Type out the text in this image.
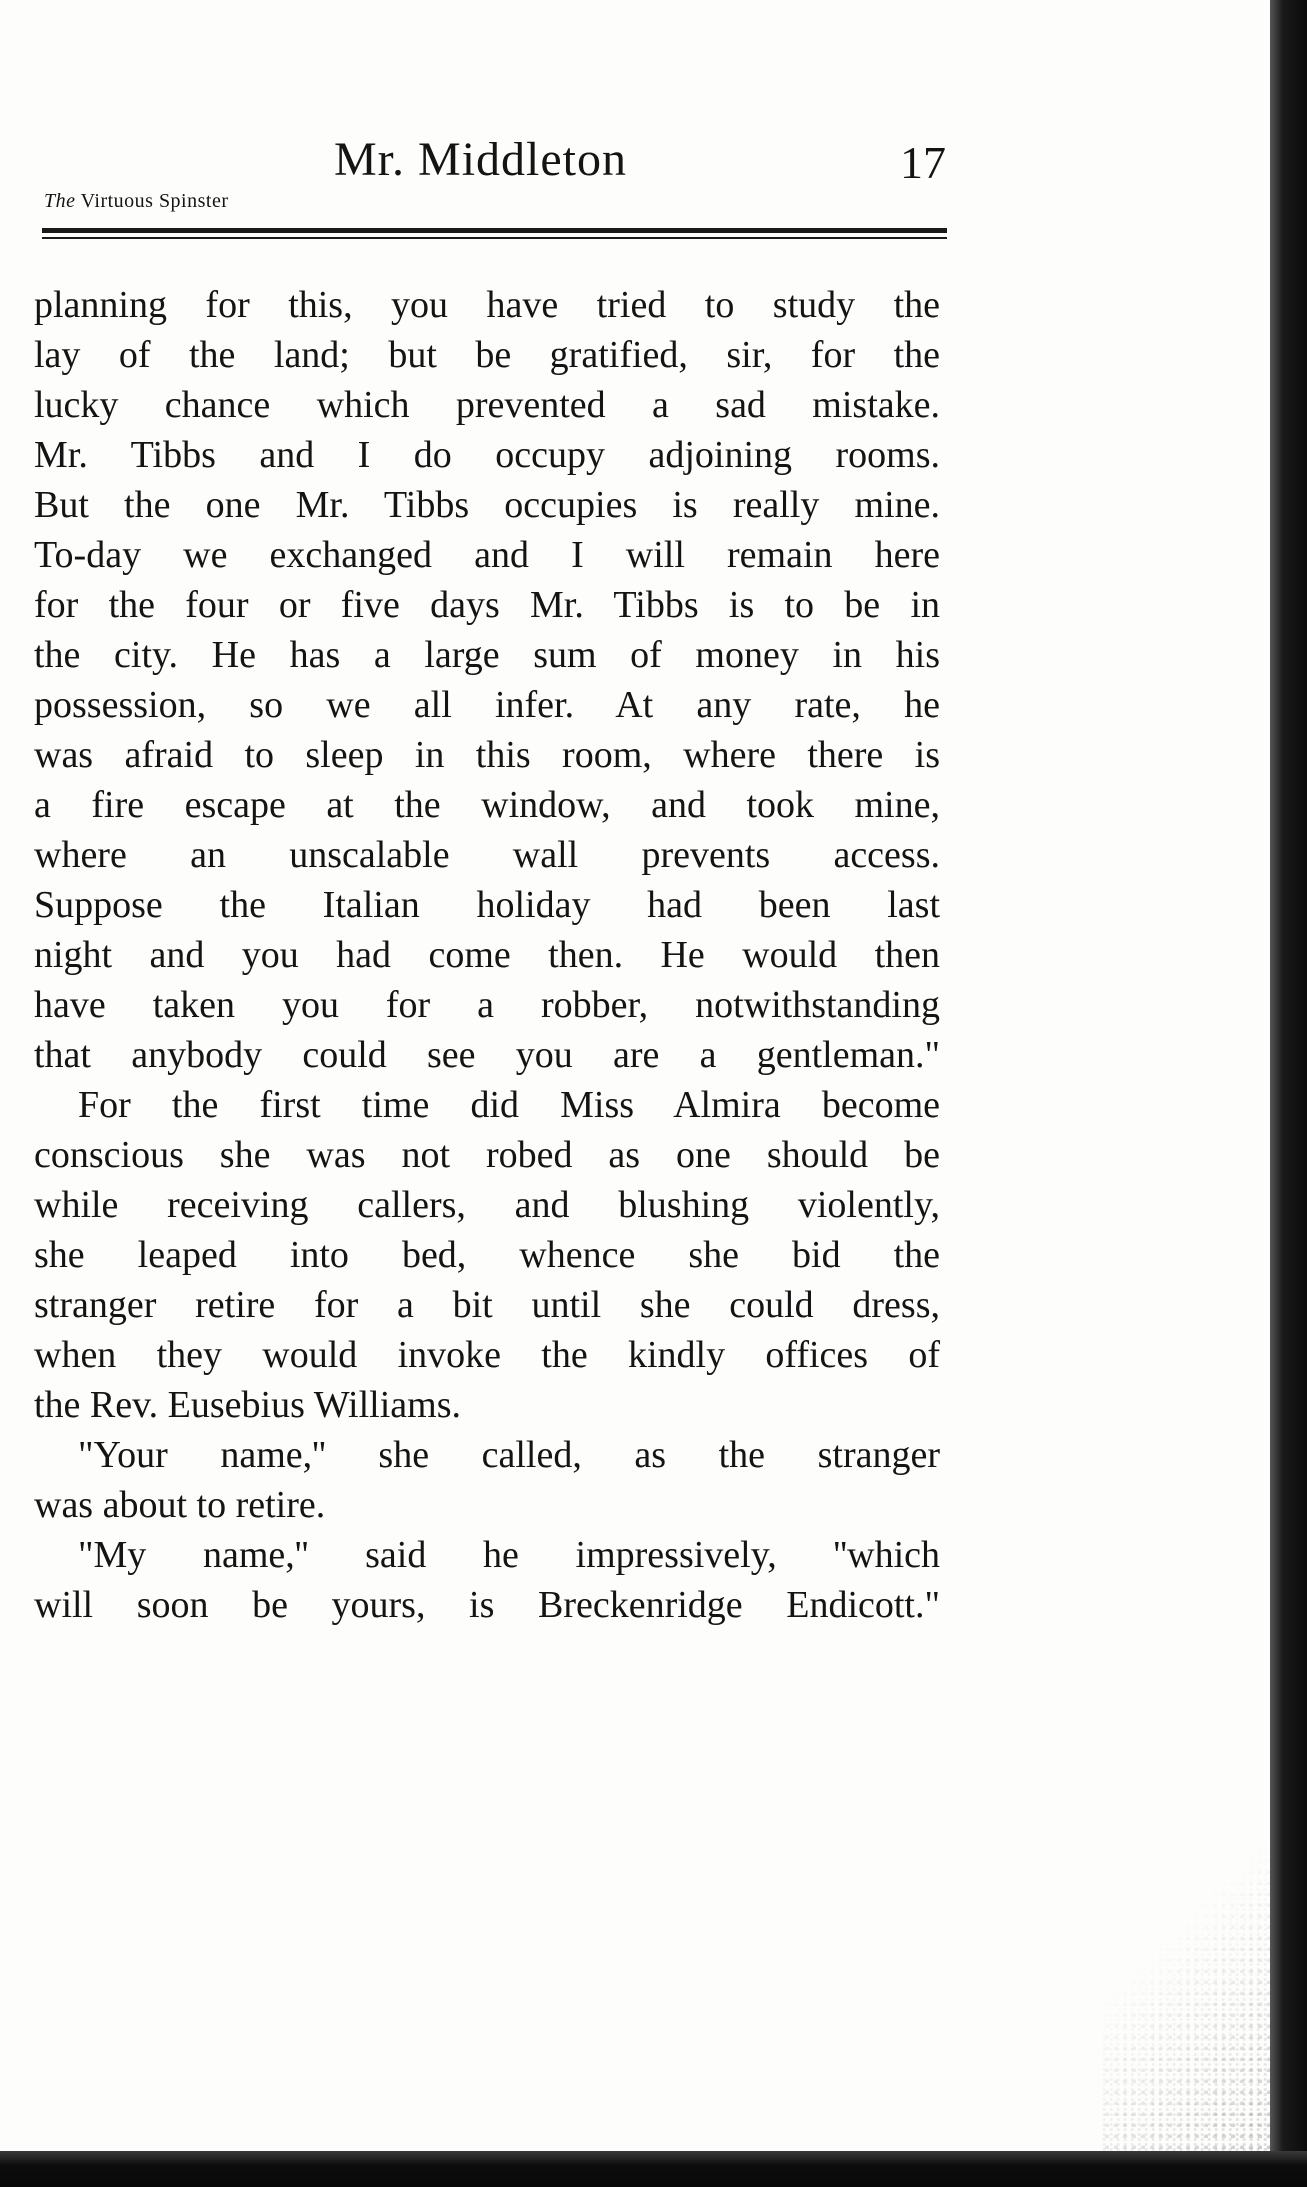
The Virtuous Spinster
Mr. Middleton	17
planning for this, you have tried to study the
lay of the land; but be gratified, sir, for the
lucky chance which prevented a sad mistake.
Mr. Tibbs and I do occupy adjoining rooms.
But the one Mr. Tibbs occupies is really mine.
To-day we exchanged and I will remain here
for the four or five days Mr. Tibbs is to be in
the city. He has a large sum of money in his
possession, so we all infer. At any rate, he
was afraid to sleep in this room, where there is
a fire escape at the window, and took mine,
where an unscalable wall prevents access.
Suppose the Italian holiday had been last
night and you had come then. He would then
have taken you for a robber, notwithstanding
that anybody could see you are a gentleman."
For the first time did Miss Almira become
conscious she was not robed as one should be
while receiving callers, and blushing violently,
she leaped into bed, whence she bid the
stranger retire for a bit until she could dress,
when they would invoke the kindly offices of
the Rev. Eusebius Williams.
"Your name,'' she called, as the stranger
was about to retire.
"My name,'' said he impressively, ''which
will soon be yours, is Breckenridge Endicott."
